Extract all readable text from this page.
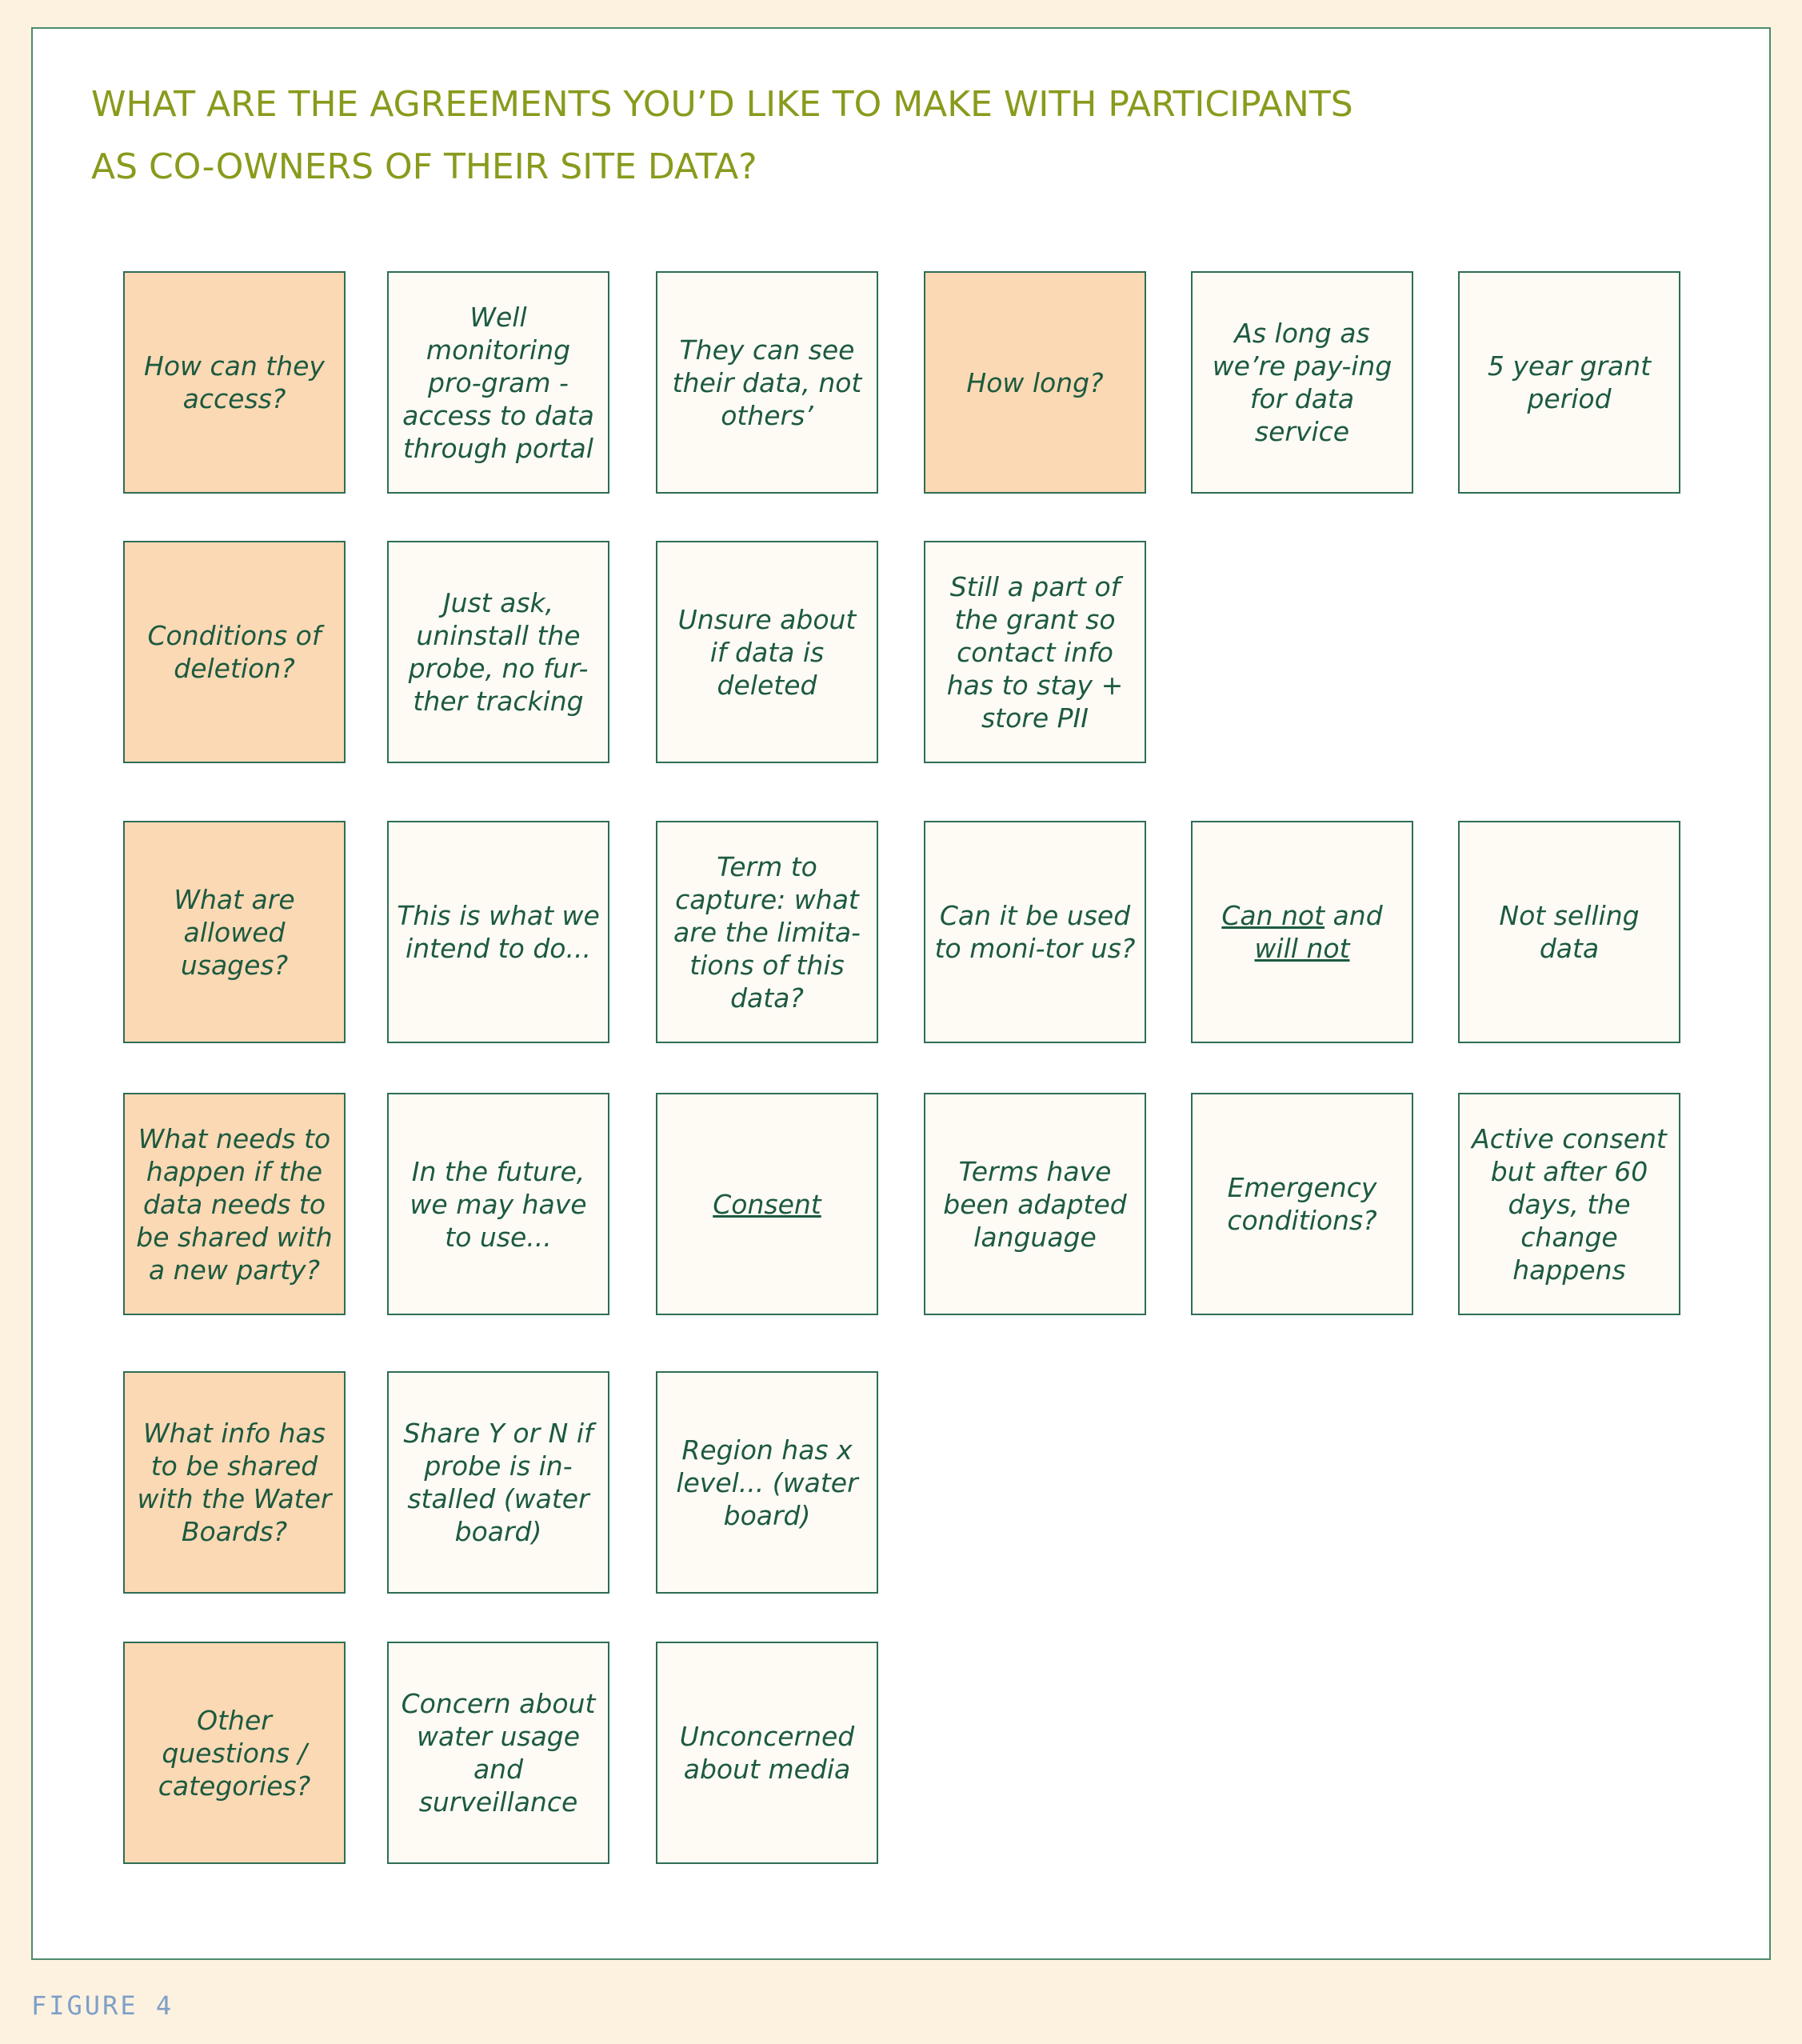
WHAT ARE THE AGREEMENTS YOU’D LIKE TO MAKE WITH PARTICIPANTS
AS CO-OWNERS OF THEIR SITE DATA?
How can they access?
Well monitoring pro-gram - access to data through portal
They can see their data, not others’
How long?
As long as we’re pay-ing for data service
5 year grant period
Conditions of deletion?
Just ask, uninstall the probe, no fur-ther tracking
Unsure about if data is deleted
Still a part of the grant so contact info has to stay + store PII
What are allowed usages?
This is what we intend to do...
Term to capture: what are the limita-tions of this data?
Can it be used to moni-tor us?
Can not and
will not
Not selling data
What needs to happen if the data needs to be shared with a new party?
In the future, we may have to use...
Consent
Terms have been adapted language
Emergency conditions?
Active consent but after 60 days, the change happens
What info has to be shared with the Water Boards?
Share Y or N if probe is in-stalled (water board)
Region has x level... (water board)
Other questions / categories?
Concern about water usage and surveillance
Unconcerned about media
FIGURE 4
